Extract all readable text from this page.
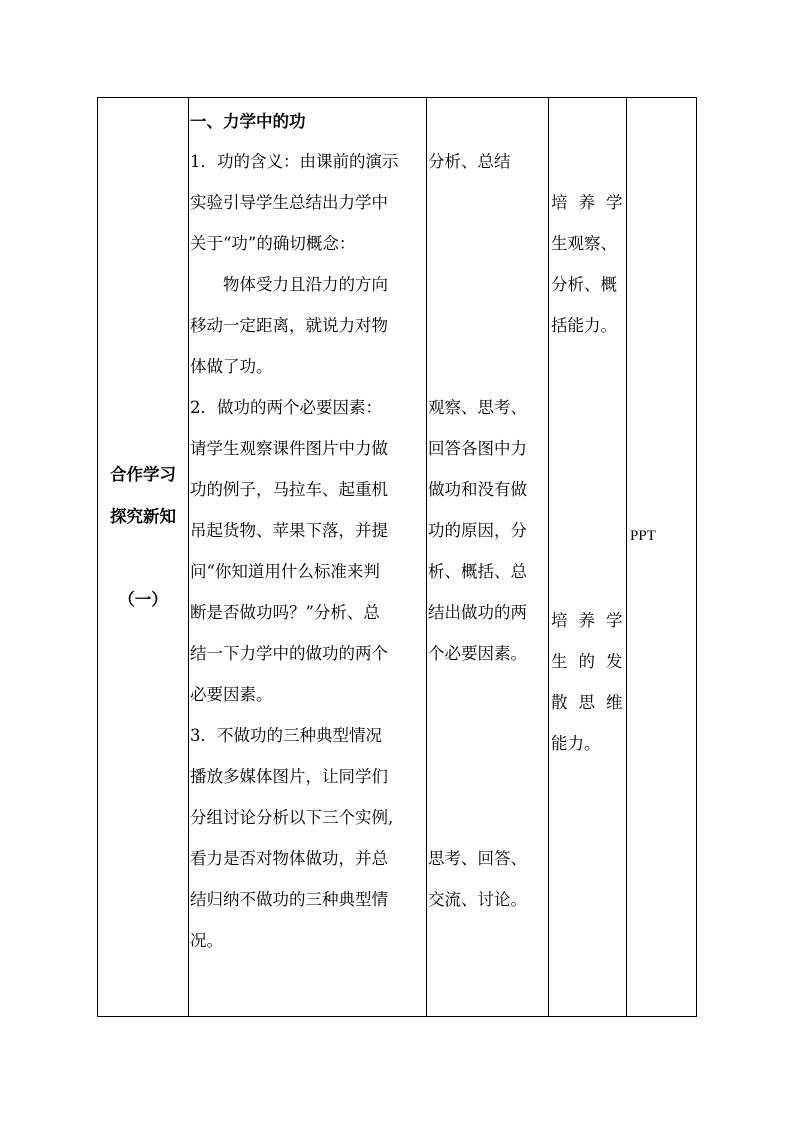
合作学习
探究新知
（一）
一、力学中的功
1．功的含义：由课前的演示
实验引导学生总结出力学中
关于“功”的确切概念：
　　物体受力且沿力的方向
移动一定距离，就说力对物
体做了功。
2．做功的两个必要因素：
请学生观察课件图片中力做
功的例子，马拉车、起重机
吊起货物、苹果下落，并提
问“你知道用什么标准来判
断是否做功吗？”分析、总
结一下力学中的做功的两个
必要因素。
3．不做功的三种典型情况
播放多媒体图片，让同学们
分组讨论分析以下三个实例,
看力是否对物体做功，并总
结归纳不做功的三种典型情
况。
分析、总结
观察、思考、
回答各图中力
做功和没有做
功的原因，分
析、概括、总
结出做功的两
个必要因素。
思考、回答、
交流、讨论。
培养学
生观察、
分析、概
括能力。
培养学
生的发
散思维
能力。
PPT
